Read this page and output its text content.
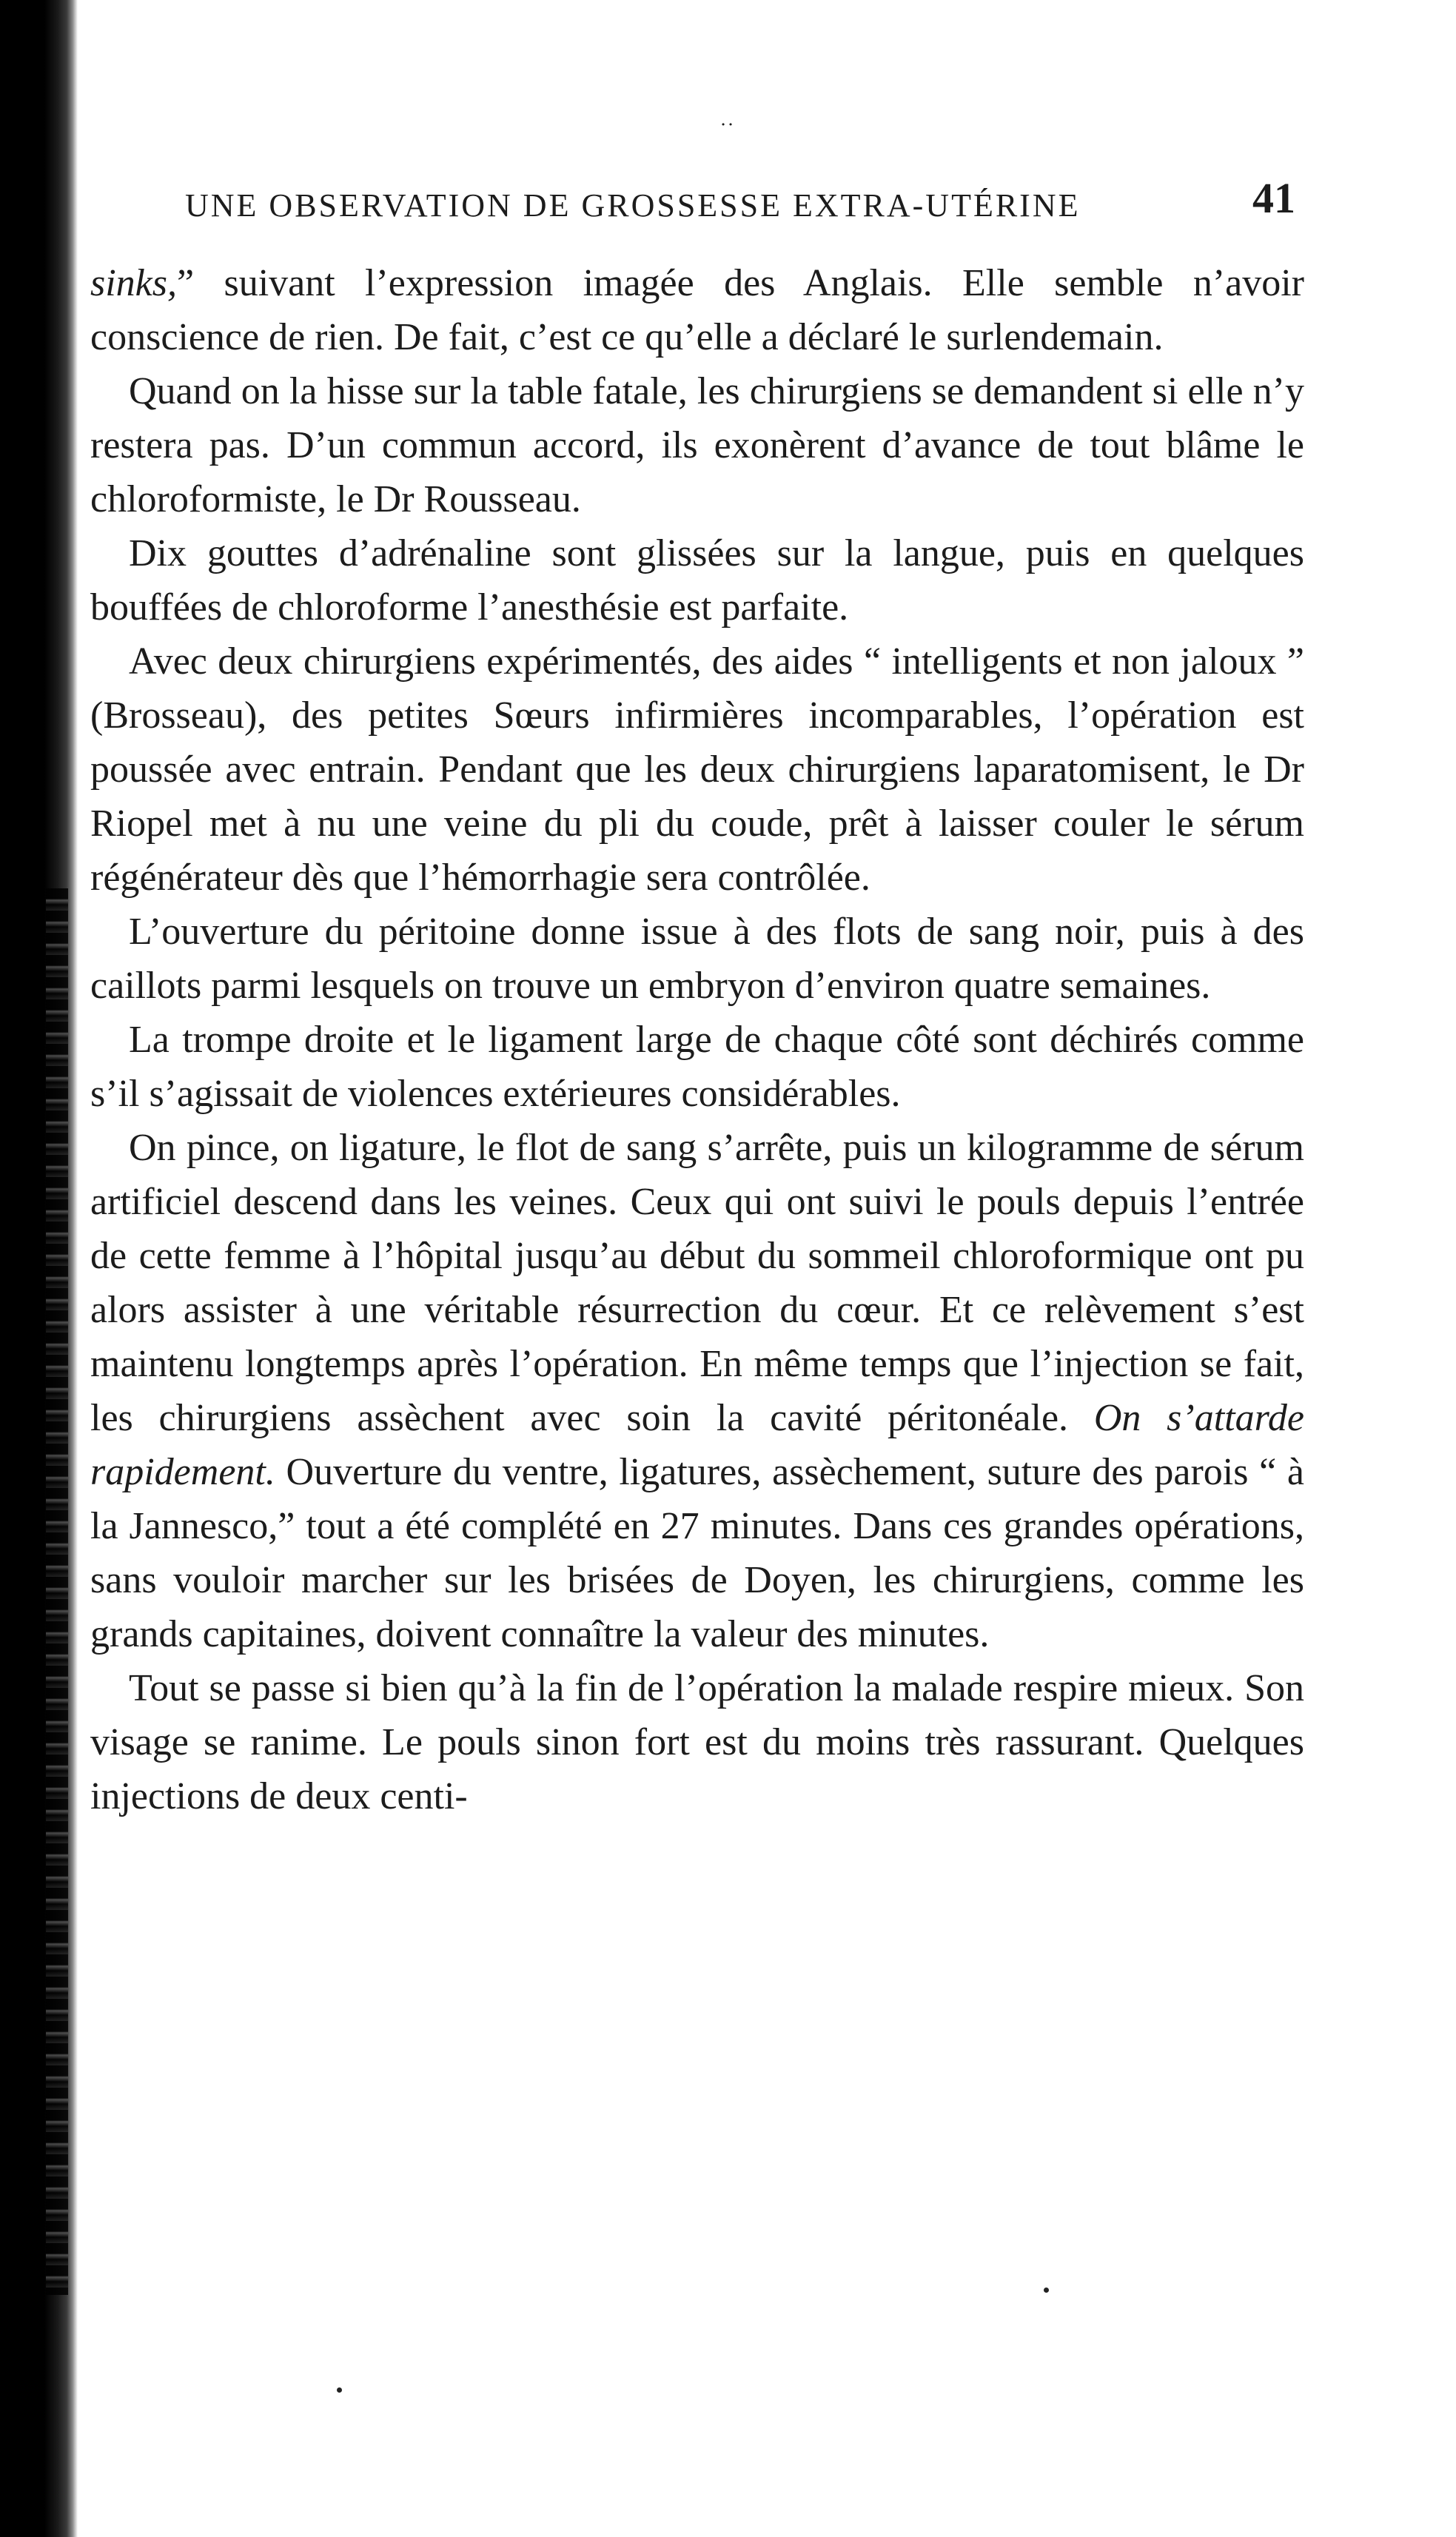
˙˙
UNE OBSERVATION DE GROSSESSE EXTRA-UTÉRINE	41

sinks,” suivant l’expression imagée des Anglais. Elle semble n’avoir conscience de rien. De fait, c’est ce qu’elle a déclaré le surlendemain.

Quand on la hisse sur la table fatale, les chirurgiens se demandent si elle n’y restera pas. D’un commun accord, ils exonèrent d’avance de tout blâme le chloroformiste, le Dr Rousseau.

Dix gouttes d’adrénaline sont glissées sur la langue, puis en quelques bouffées de chloroforme l’anesthésie est parfaite.

Avec deux chirurgiens expérimentés, des aides “ intelligents et non jaloux ” (Brosseau), des petites Sœurs infirmières incomparables, l’opération est poussée avec entrain. Pendant que les deux chirurgiens laparatomisent, le Dr Riopel met à nu une veine du pli du coude, prêt à laisser couler le sérum régénérateur dès que l’hémorrhagie sera contrôlée.

L’ouverture du péritoine donne issue à des flots de sang noir, puis à des caillots parmi lesquels on trouve un embryon d’environ quatre semaines.

La trompe droite et le ligament large de chaque côté sont déchirés comme s’il s’agissait de violences extérieures considérables.

On pince, on ligature, le flot de sang s’arrête, puis un kilogramme de sérum artificiel descend dans les veines. Ceux qui ont suivi le pouls depuis l’entrée de cette femme à l’hôpital jusqu’au début du sommeil chloroformique ont pu alors assister à une véritable résurrection du cœur. Et ce relèvement s’est maintenu longtemps après l’opération. En même temps que l’injection se fait, les chirurgiens assèchent avec soin la cavité péritonéale. On s’attarde rapidement. Ouverture du ventre, ligatures, assèchement, suture des parois “ à la Jannesco,” tout a été complété en 27 minutes. Dans ces grandes opérations, sans vouloir marcher sur les brisées de Doyen, les chirurgiens, comme les grands capitaines, doivent connaître la valeur des minutes.

Tout se passe si bien qu’à la fin de l’opération la malade respire mieux. Son visage se ranime. Le pouls sinon fort est du moins très rassurant. Quelques injections de deux centi-
